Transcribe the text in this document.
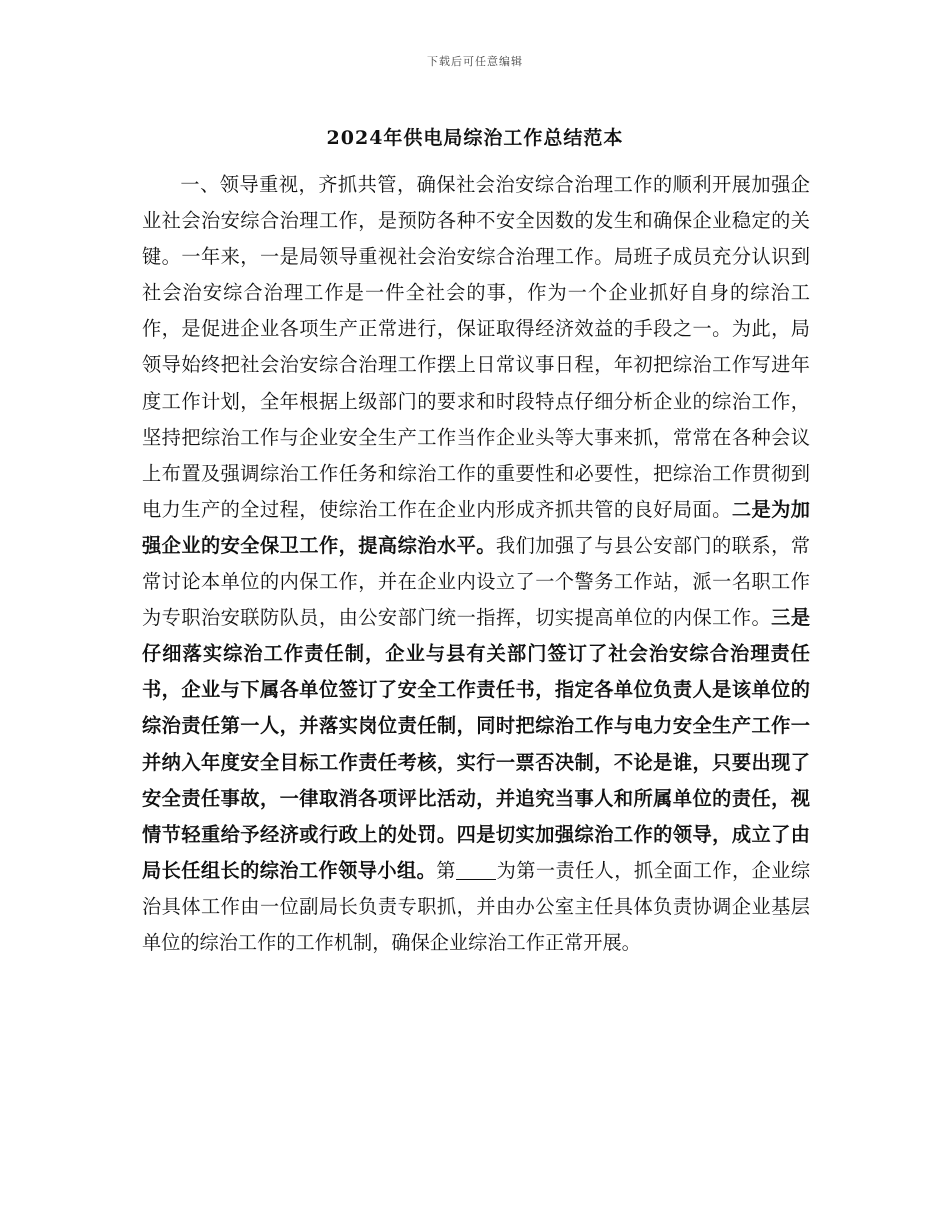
下载后可任意编辑
2024年供电局综治工作总结范本

一、领导重视，齐抓共管，确保社会治安综合治理工作的顺利开展加强企业社会治安综合治理工作，是预防各种不安全因数的发生和确保企业稳定的关键。一年来，一是局领导重视社会治安综合治理工作。局班子成员充分认识到社会治安综合治理工作是一件全社会的事，作为一个企业抓好自身的综治工作，是促进企业各项生产正常进行，保证取得经济效益的手段之一。为此，局领导始终把社会治安综合治理工作摆上日常议事日程，年初把综治工作写进年度工作计划，全年根据上级部门的要求和时段特点仔细分析企业的综治工作，坚持把综治工作与企业安全生产工作当作企业头等大事来抓，常常在各种会议上布置及强调综治工作任务和综治工作的重要性和必要性，把综治工作贯彻到电力生产的全过程，使综治工作在企业内形成齐抓共管的良好局面。二是为加强企业的安全保卫工作，提高综治水平。我们加强了与县公安部门的联系，常常讨论本单位的内保工作，并在企业内设立了一个警务工作站，派一名职工作为专职治安联防队员，由公安部门统一指挥，切实提高单位的内保工作。三是仔细落实综治工作责任制，企业与县有关部门签订了社会治安综合治理责任书，企业与下属各单位签订了安全工作责任书，指定各单位负责人是该单位的综治责任第一人，并落实岗位责任制，同时把综治工作与电力安全生产工作一并纳入年度安全目标工作责任考核，实行一票否决制，不论是谁，只要出现了安全责任事故，一律取消各项评比活动，并追究当事人和所属单位的责任，视情节轻重给予经济或行政上的处罚。四是切实加强综治工作的领导，成立了由局长任组长的综治工作领导小组。第 为第一责任人，抓全面工作，企业综治具体工作由一位副局长负责专职抓，并由办公室主任具体负责协调企业基层单位的综治工作的工作机制，确保企业综治工作正常开展。
